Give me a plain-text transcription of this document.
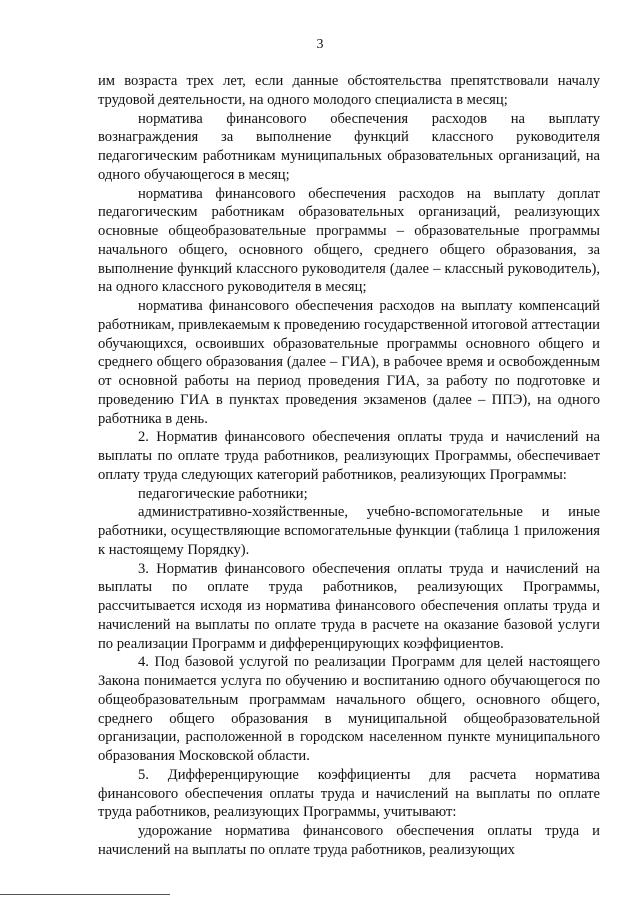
3

им возраста трех лет, если данные обстоятельства препятствовали началу трудовой деятельности, на одного молодого специалиста в месяц;

норматива финансового обеспечения расходов на выплату вознаграждения за выполнение функций классного руководителя педагогическим работникам муниципальных образовательных организаций, на одного обучающегося в месяц;

норматива финансового обеспечения расходов на выплату доплат педагогическим работникам образовательных организаций, реализующих основные общеобразовательные программы – образовательные программы начального общего, основного общего, среднего общего образования, за выполнение функций классного руководителя (далее – классный руководитель), на одного классного руководителя в месяц;

норматива финансового обеспечения расходов на выплату компенсаций работникам, привлекаемым к проведению государственной итоговой аттестации обучающихся, освоивших образовательные программы основного общего и среднего общего образования (далее – ГИА), в рабочее время и освобожденным от основной работы на период проведения ГИА, за работу по подготовке и проведению ГИА в пунктах проведения экзаменов (далее – ППЭ), на одного работника в день.

2. Норматив финансового обеспечения оплаты труда и начислений на выплаты по оплате труда работников, реализующих Программы, обеспечивает оплату труда следующих категорий работников, реализующих Программы:

педагогические работники;

административно-хозяйственные, учебно-вспомогательные и иные работники, осуществляющие вспомогательные функции (таблица 1 приложения к настоящему Порядку).

3. Норматив финансового обеспечения оплаты труда и начислений на выплаты по оплате труда работников, реализующих Программы, рассчитывается исходя из норматива финансового обеспечения оплаты труда и начислений на выплаты по оплате труда в расчете на оказание базовой услуги по реализации Программ и дифференцирующих коэффициентов.

4. Под базовой услугой по реализации Программ для целей настоящего Закона понимается услуга по обучению и воспитанию одного обучающегося по общеобразовательным программам начального общего, основного общего, среднего общего образования в муниципальной общеобразовательной организации, расположенной в городском населенном пункте муниципального образования Московской области.

5. Дифференцирующие коэффициенты для расчета норматива финансового обеспечения оплаты труда и начислений на выплаты по оплате труда работников, реализующих Программы, учитывают:

удорожание норматива финансового обеспечения оплаты труда и начислений на выплаты по оплате труда работников, реализующих
